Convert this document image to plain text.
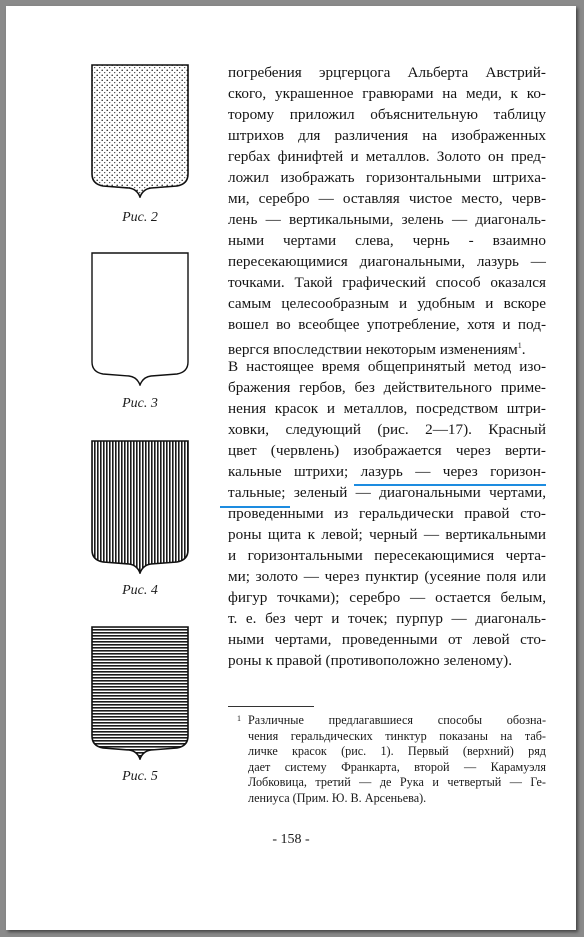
Рис. 2
Рис. 3
Рис. 4
Рис. 5
погребения эрцгерцога Альберта Австрий-
ского, украшенное гравюрами на меди, к ко-
торому приложил объяснительную таблицу
штрихов для различения на изображенных
гербах финифтей и металлов. Золото он пред-
ложил изображать горизонтальными штриха-
ми, серебро — оставляя чистое место, черв-
лень — вертикальными, зелень — диагональ-
ными чертами слева, чернь - взаимно
пересекающимися диагональными, лазурь —
точками. Такой графический способ оказался
самым целесообразным и удобным и вскоре
вошел во всеобщее употребление, хотя и под-
вергся впоследствии некоторым изменениям$^1$.
В настоящее время общепринятый метод изо-
бражения гербов, без действительного приме-
нения красок и металлов, посредством штри-
ховки, следующий (рис. 2—17). Красный
цвет (червлень) изображается через верти-
кальные штрихи; лазурь — через горизон-
тальные; зеленый — диагональными чертами,
проведенными из геральдически правой сто-
роны щита к левой; черный — вертикальными
и горизонтальными пересекающимися черта-
ми; золото — через пунктир (усеяние поля или
фигур точками); серебро — остается белым,
т. е. без черт и точек; пурпур — диагональ-
ными чертами, проведенными от левой сто-
роны к правой (противоположно зеленому).
1 Различные предлагавшиеся способы обозна-
чения геральдических тинктур показаны на таб-
личке красок (рис. 1). Первый (верхний) ряд
дает систему Франкарта, второй — Карамуэля
Лобковица, третий — де Рука и четвертый — Ге-
лениуса (Прим. Ю. В. Арсеньева).
- 158 -
